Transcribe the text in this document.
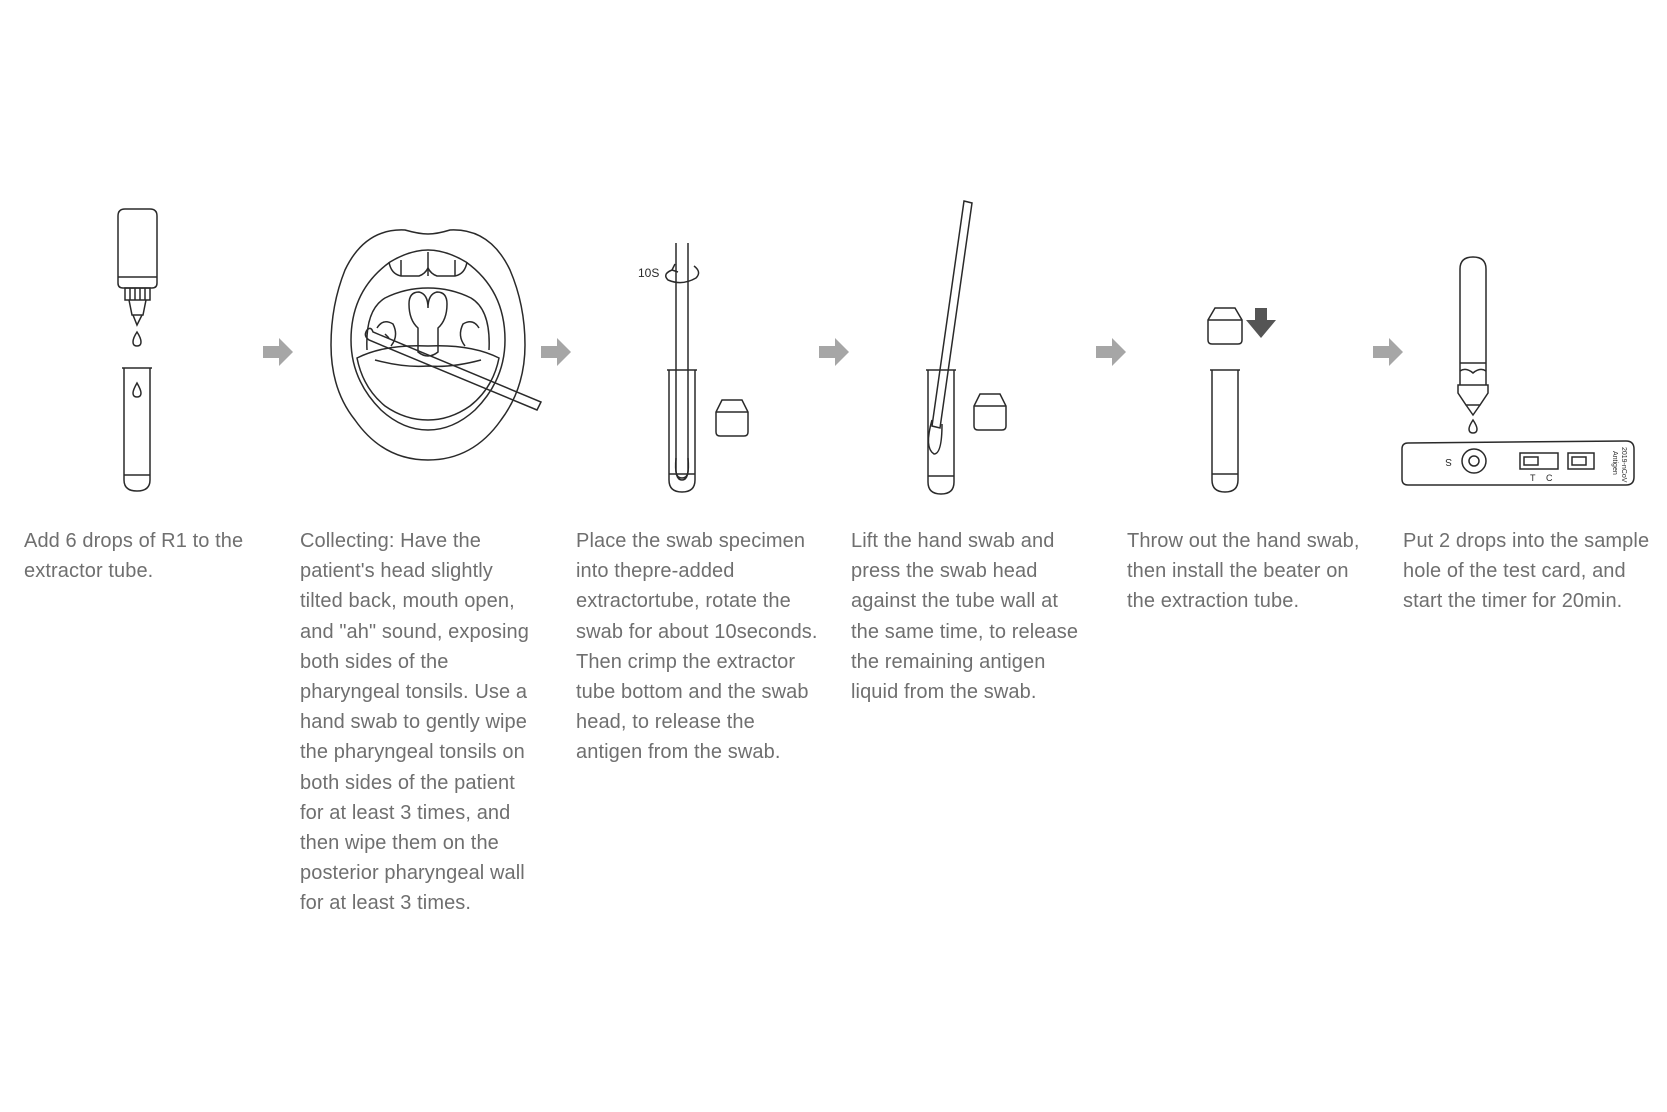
10S
S
T C	2019-nCoV
Antigen
Add 6 drops of R1 to the
extractor tube.
Collecting: Have the
patient's head slightly
tilted back, mouth open,
and "ah" sound, exposing
both sides of the
pharyngeal tonsils. Use a
hand swab to gently wipe
the pharyngeal tonsils on
both sides of the patient
for at least 3 times, and
then wipe them on the
posterior pharyngeal wall
for at least 3 times.
Place the swab specimen
into thepre-added
extractortube, rotate the
swab for about 10seconds.
Then crimp the extractor
tube bottom and the swab
head, to release the
antigen from the swab.
Lift the hand swab and
press the swab head
against the tube wall at
the same time, to release
the remaining antigen
liquid from the swab.
Throw out the hand swab,
then install the beater on
the extraction tube.
Put 2 drops into the sample
hole of the test card, and
start the timer for 20min.
